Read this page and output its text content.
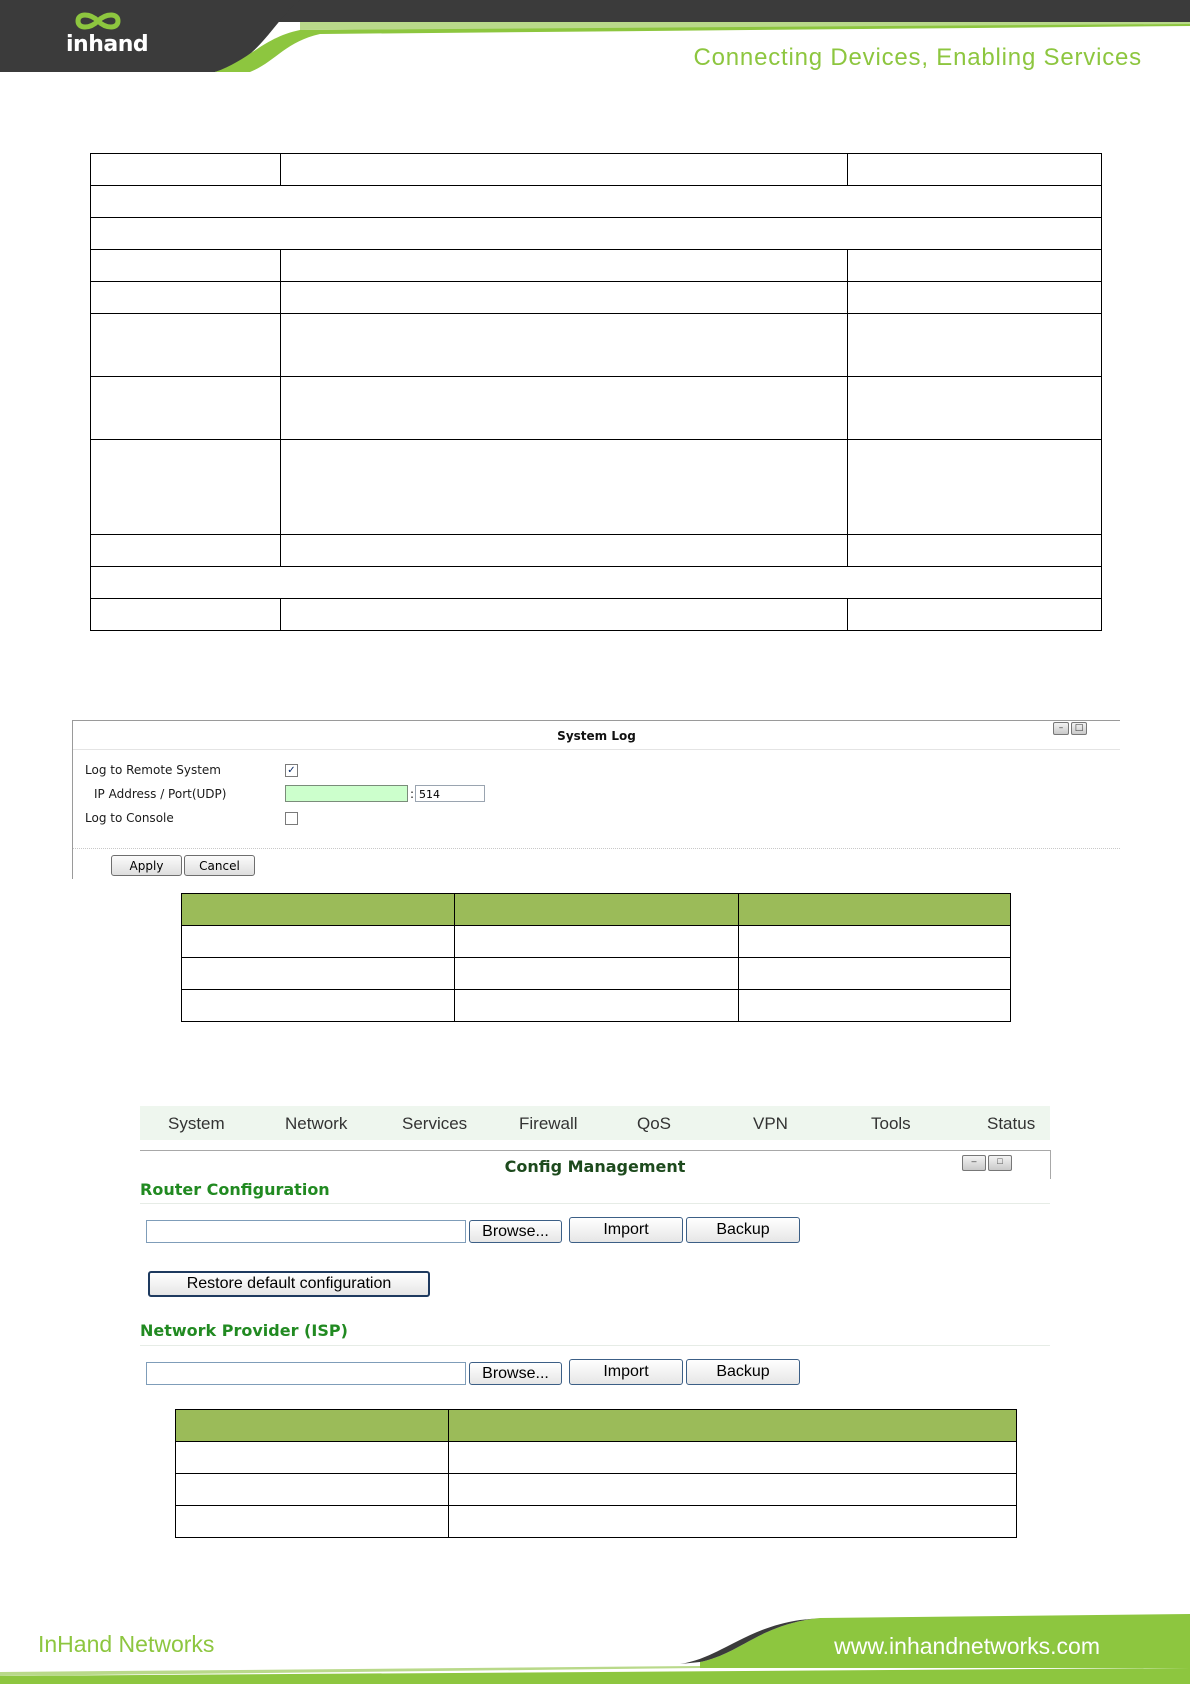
inhand	Connecting Devices, Enabling Services

System Log
–	□
Log to Remote System	✓
IP Address / Port(UDP)	: 514
Log to Console
Apply	Cancel

System	Network	Services	Firewall	QoS	VPN	Tools	Status
Config Management	–	□
Router Configuration
Browse...	Import	Backup
Restore default configuration
Network Provider (ISP)
Browse...	Import	Backup

InHand Networks	www.inhandnetworks.com
